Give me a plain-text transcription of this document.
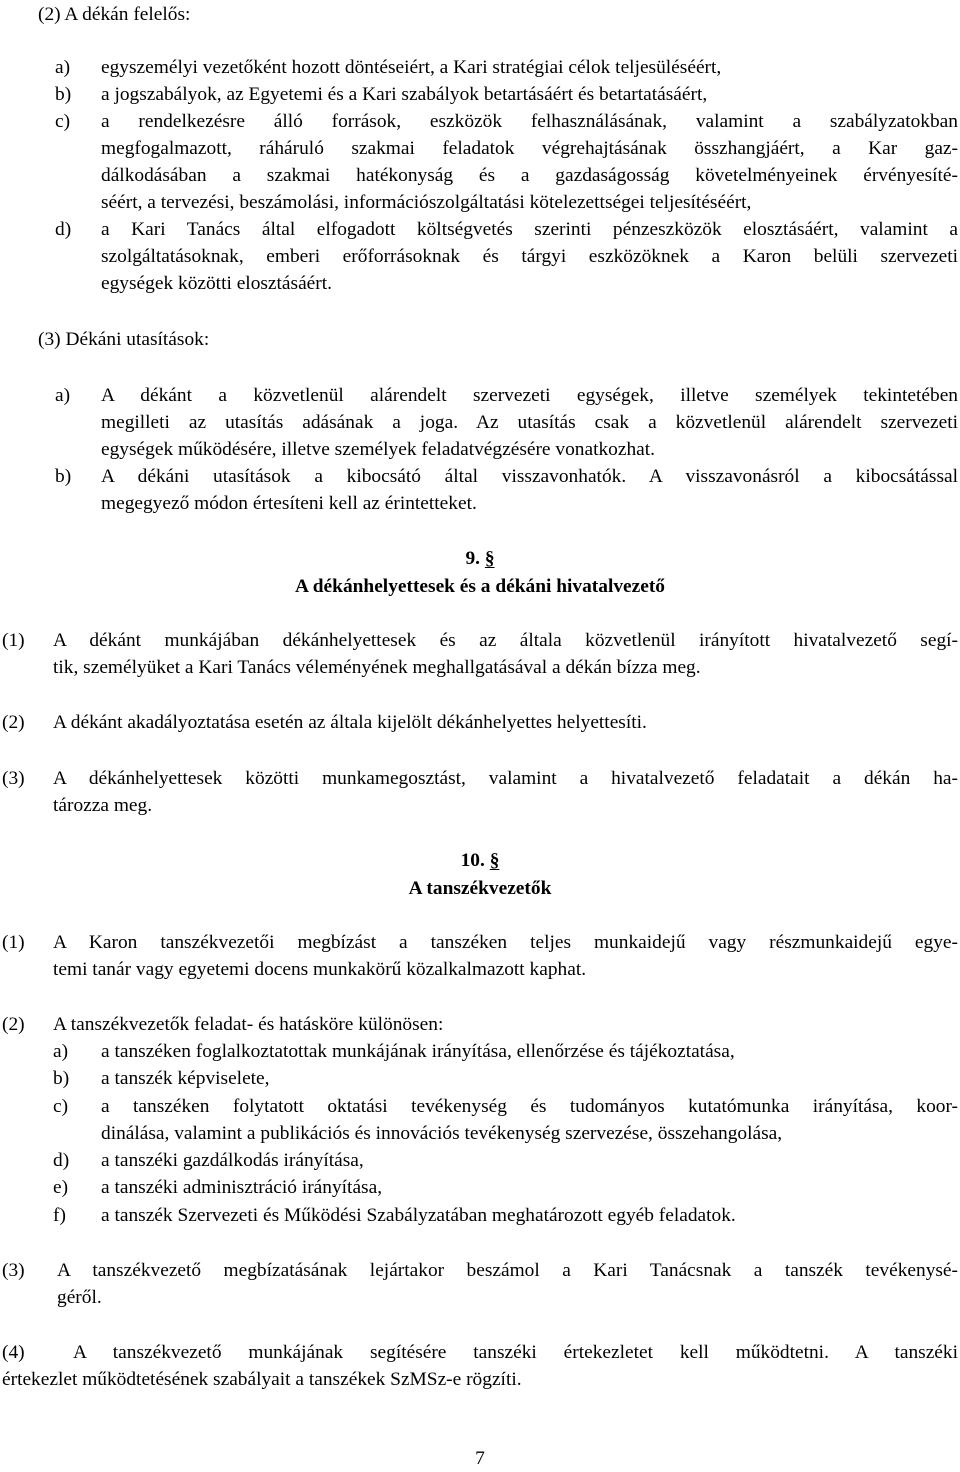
(2) A dékán felelős:
a) egyszemélyi vezetőként hozott döntéseiért, a Kari stratégiai célok teljesüléséért,
b) a jogszabályok, az Egyetemi és a Kari szabályok betartásáért és betartatásáért,
c) a rendelkezésre álló források, eszközök felhasználásának, valamint a szabályzatokban
megfogalmazott, ráháruló szakmai feladatok végrehajtásának összhangjáért, a Kar gaz-
dálkodásában a szakmai hatékonyság és a gazdaságosság követelményeinek érvényesíté-
séért, a tervezési, beszámolási, információszolgáltatási kötelezettségei teljesítéséért,
d) a Kari Tanács által elfogadott költségvetés szerinti pénzeszközök elosztásáért, valamint a
szolgáltatásoknak, emberi erőforrásoknak és tárgyi eszközöknek a Karon belüli szervezeti
egységek közötti elosztásáért.
(3) Dékáni utasítások:
a) A dékánt a közvetlenül alárendelt szervezeti egységek, illetve személyek tekintetében
megilleti az utasítás adásának a joga. Az utasítás csak a közvetlenül alárendelt szervezeti
egységek működésére, illetve személyek feladatvégzésére vonatkozhat.
b) A dékáni utasítások a kibocsátó által visszavonhatók. A visszavonásról a kibocsátással
megegyező módon értesíteni kell az érintetteket.
9. §
A dékánhelyettesek és a dékáni hivatalvezető
(1) A dékánt munkájában dékánhelyettesek és az általa közvetlenül irányított hivatalvezető segí-
tik, személyüket a Kari Tanács véleményének meghallgatásával a dékán bízza meg.
(2) A dékánt akadályoztatása esetén az általa kijelölt dékánhelyettes helyettesíti.
(3) A dékánhelyettesek közötti munkamegosztást, valamint a hivatalvezető feladatait a dékán ha-
tározza meg.
10. §
A tanszékvezetők
(1) A Karon tanszékvezetői megbízást a tanszéken teljes munkaidejű vagy részmunkaidejű egye-
temi tanár vagy egyetemi docens munkakörű közalkalmazott kaphat.
(2) A tanszékvezetők feladat- és hatásköre különösen:
a) a tanszéken foglalkoztatottak munkájának irányítása, ellenőrzése és tájékoztatása,
b) a tanszék képviselete,
c) a tanszéken folytatott oktatási tevékenység és tudományos kutatómunka irányítása, koor-
dinálása, valamint a publikációs és innovációs tevékenység szervezése, összehangolása,
d) a tanszéki gazdálkodás irányítása,
e) a tanszéki adminisztráció irányítása,
f) a tanszék Szervezeti és Működési Szabályzatában meghatározott egyéb feladatok.
(3) A tanszékvezető megbízatásának lejártakor beszámol a Kari Tanácsnak a tanszék tevékenysé-
géről.
(4) A tanszékvezető munkájának segítésére tanszéki értekezletet kell működtetni. A tanszéki
értekezlet működtetésének szabályait a tanszékek SzMSz-e rögzíti.
7
